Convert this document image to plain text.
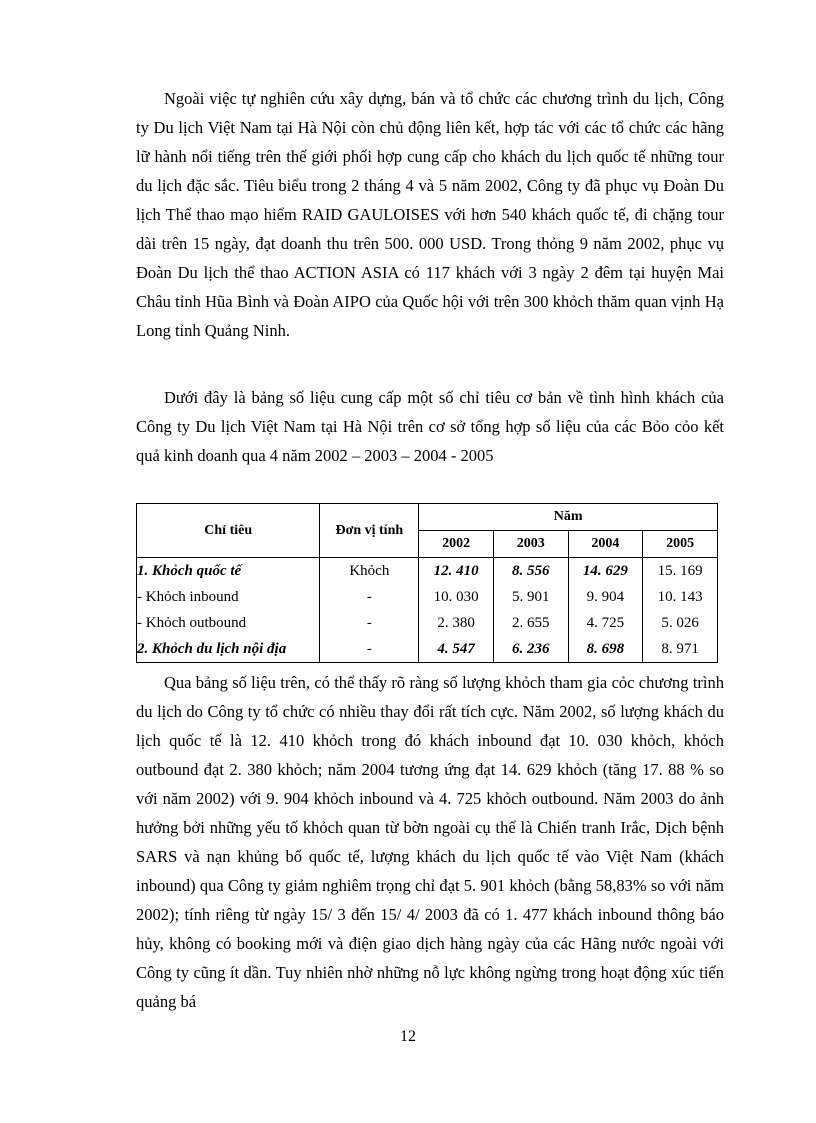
Ngoài việc tự nghiên cứu xây dựng, bán và tổ chức các chương trình du lịch, Công ty Du lịch Việt Nam tại Hà Nội còn chủ động liên kết, hợp tác với các tổ chức các hãng lữ hành nổi tiếng trên thế giới phối hợp cung cấp cho khách du lịch quốc tế những tour du lịch đặc sắc. Tiêu biểu trong 2 tháng 4 và 5 năm 2002, Công ty đã phục vụ Đoàn Du lịch Thể thao mạo hiểm RAID GAULOISES với hơn 540 khách quốc tế, đi chặng tour dài trên 15 ngày, đạt doanh thu trên 500. 000 USD. Trong thỏng 9 năm 2002, phục vụ Đoàn Du lịch thể thao ACTION ASIA có 117 khách với 3 ngày 2 đêm tại huyện Mai Châu tỉnh Hũa Bình và Đoàn AIPO của Quốc hội với trên 300 khỏch thăm quan vịnh Hạ Long tỉnh Quảng Ninh.

Dưới đây là bảng số liệu cung cấp một số chỉ tiêu cơ bản về tình hình khách của Công ty Du lịch Việt Nam tại Hà Nội trên cơ sở tổng hợp số liệu của các Bỏo cỏo kết quả kinh doanh qua 4 năm 2002 – 2003 – 2004 - 2005

Chỉ tiêu	Đơn vị tính	Năm			
		2002	2003	2004	2005
1. Khỏch quốc tế	Khỏch	12. 410	8. 556	14. 629	15. 169
- Khỏch inbound	-	10. 030	5. 901	9. 904	10. 143
- Khỏch outbound	-	2. 380	2. 655	4. 725	5. 026
2. Khỏch du lịch nội địa	-	4. 547	6. 236	8. 698	8. 971

Qua bảng số liệu trên, có thể thấy rõ ràng số lượng khỏch tham gia cỏc chương trình du lịch do Công ty tổ chức có nhiều thay đổi rất tích cực. Năm 2002, số lượng khách du lịch quốc tế là 12. 410 khỏch trong đó khách inbound đạt 10. 030 khỏch, khỏch outbound đạt 2. 380 khỏch; năm 2004 tương ứng đạt 14. 629 khỏch (tăng 17. 88 % so với năm 2002) với 9. 904 khỏch inbound và 4. 725 khỏch outbound. Năm 2003 do ảnh hưởng bởi những yếu tố khỏch quan từ bờn ngoài cụ thể là Chiến tranh Irắc, Dịch bệnh SARS và nạn khủng bố quốc tế, lượng khách du lịch quốc tế vào Việt Nam (khách inbound) qua Công ty giảm nghiêm trọng chỉ đạt 5. 901 khỏch (bằng 58,83% so với năm 2002); tính riêng từ ngày 15/ 3 đến 15/ 4/ 2003 đã có 1. 477 khách inbound thông báo hủy, không có booking mới và điện giao dịch hàng ngày của các Hãng nước ngoài với Công ty cũng ít dần. Tuy nhiên nhờ những nỗ lực không ngừng trong hoạt động xúc tiến quảng bá

12
